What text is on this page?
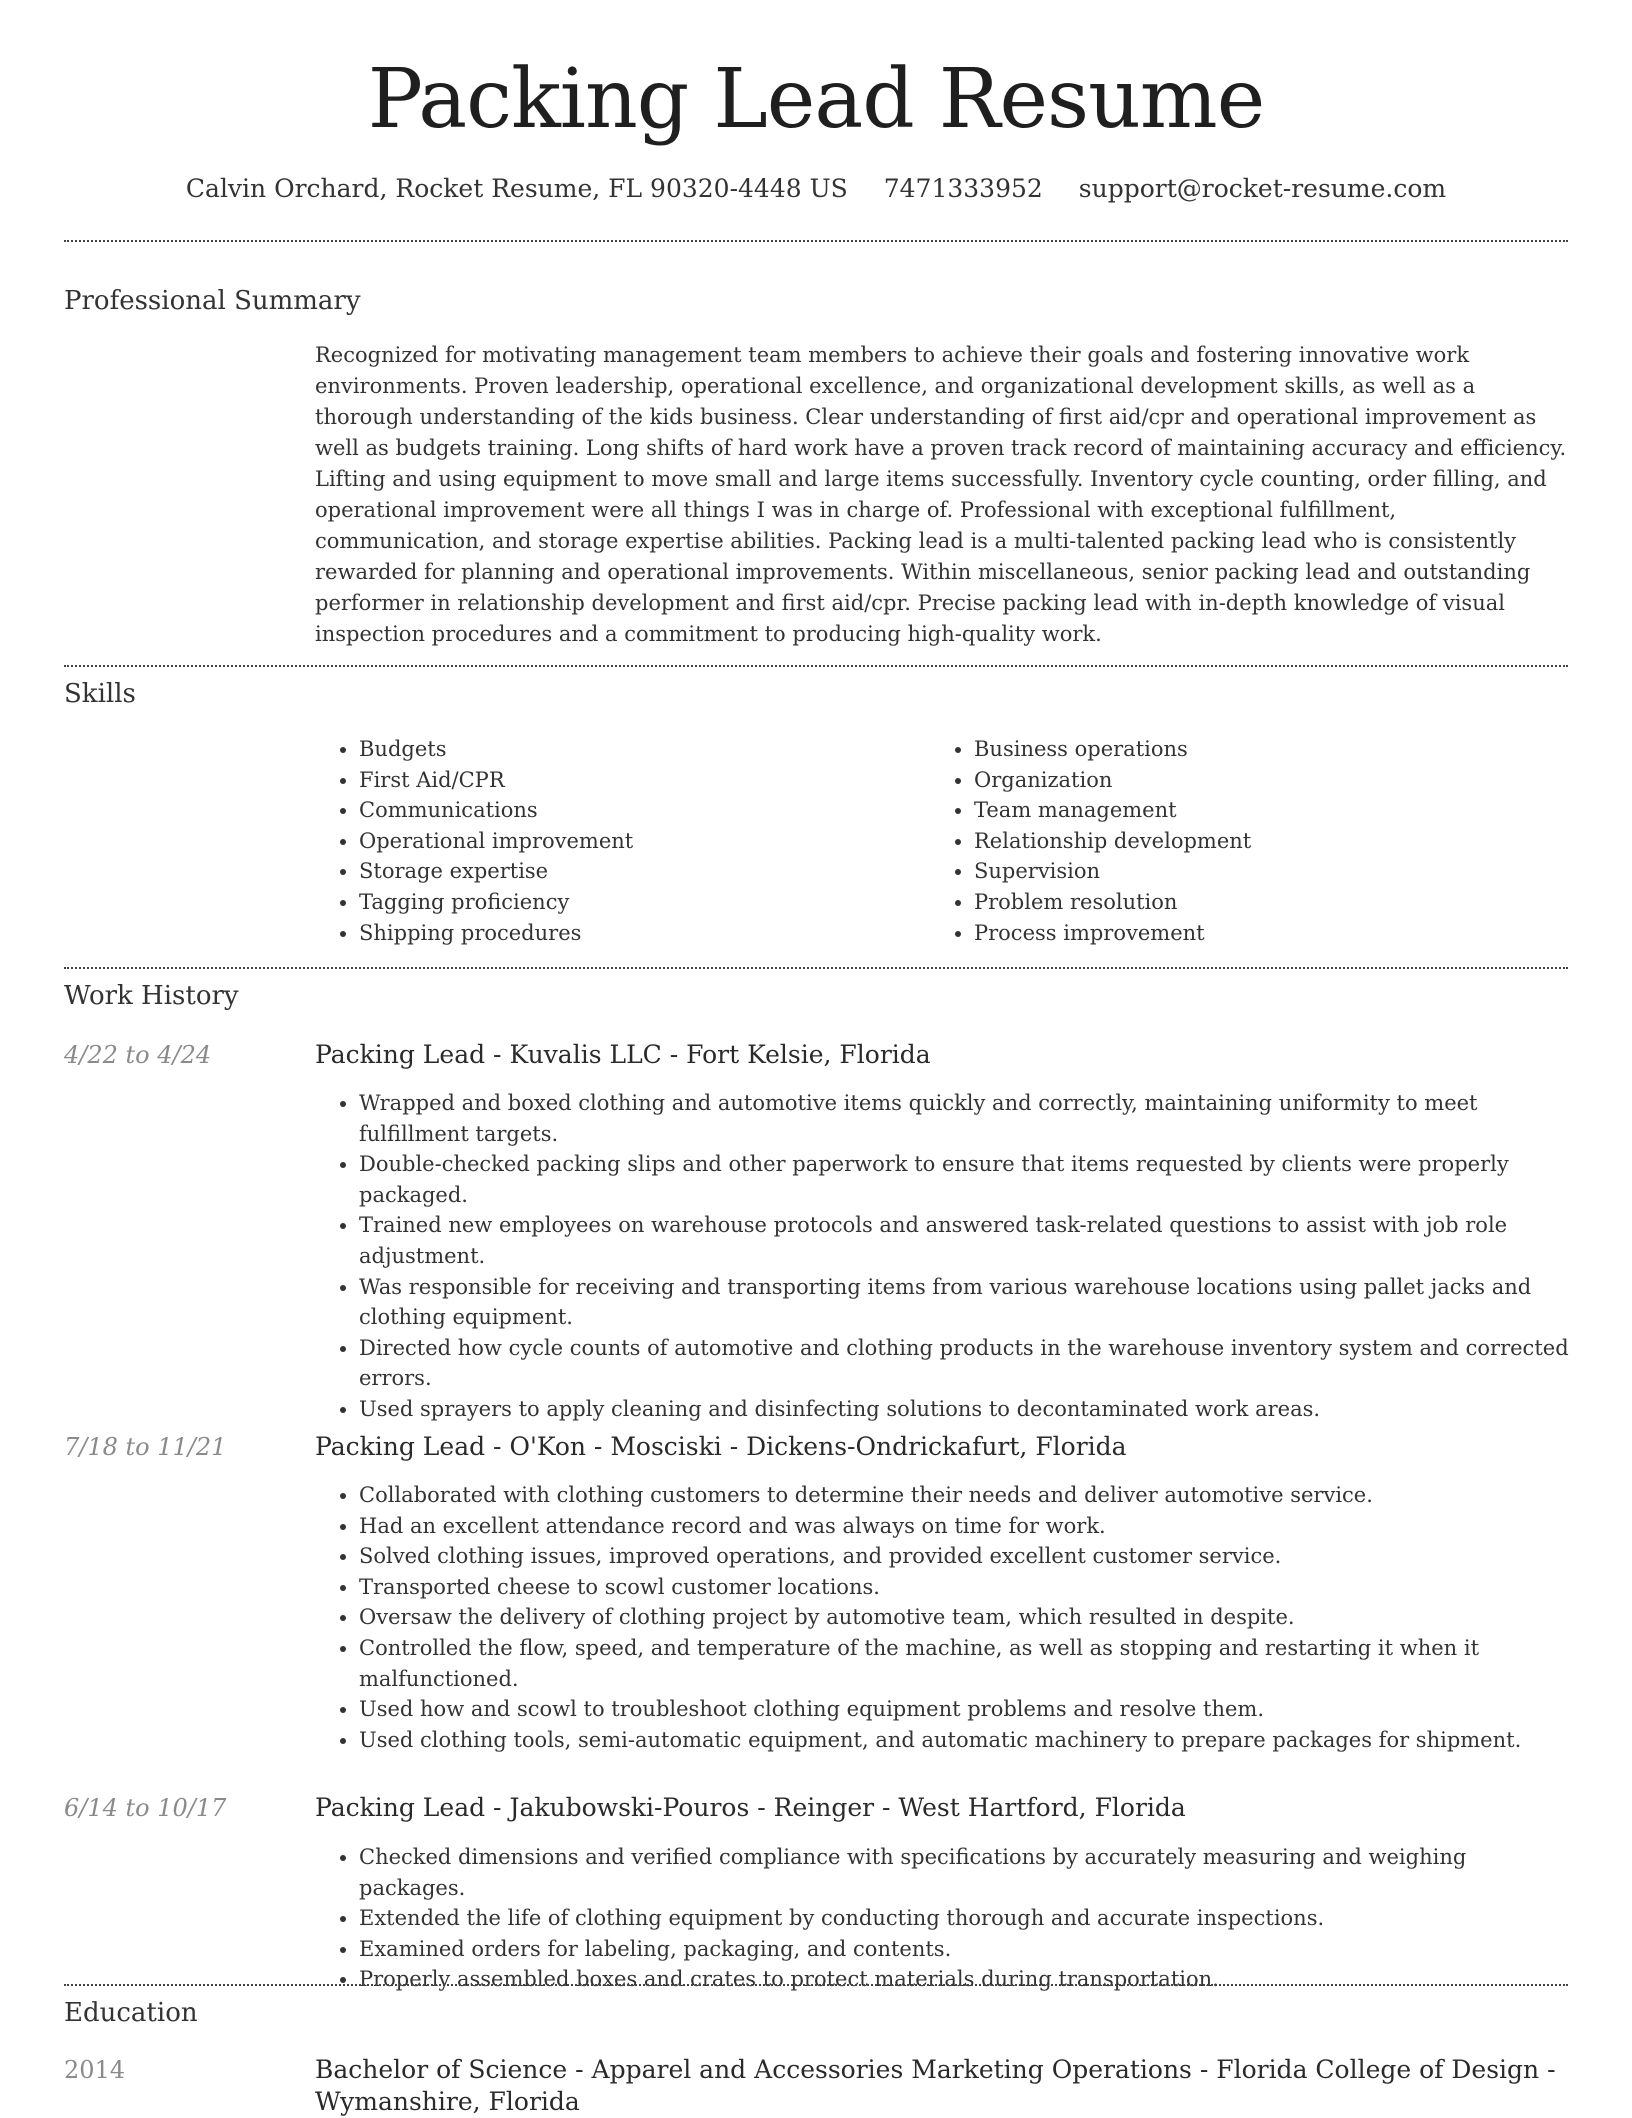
Packing Lead Resume
Calvin Orchard, Rocket Resume, FL 90320-4448 US 7471333952 support@rocket-resume.com
Professional Summary
Recognized for motivating management team members to achieve their goals and fostering innovative work environments. Proven leadership, operational excellence, and organizational development skills, as well as a thorough understanding of the kids business. Clear understanding of first aid/cpr and operational improvement as well as budgets training. Long shifts of hard work have a proven track record of maintaining accuracy and efficiency. Lifting and using equipment to move small and large items successfully. Inventory cycle counting, order filling, and operational improvement were all things I was in charge of. Professional with exceptional fulfillment, communication, and storage expertise abilities. Packing lead is a multi-talented packing lead who is consistently rewarded for planning and operational improvements. Within miscellaneous, senior packing lead and outstanding performer in relationship development and first aid/cpr. Precise packing lead with in-depth knowledge of visual inspection procedures and a commitment to producing high-quality work.
Skills
• Budgets
• First Aid/CPR
• Communications
• Operational improvement
• Storage expertise
• Tagging proficiency
• Shipping procedures
• Business operations
• Organization
• Team management
• Relationship development
• Supervision
• Problem resolution
• Process improvement
Work History
4/22 to 4/24	Packing Lead - Kuvalis LLC - Fort Kelsie, Florida
• Wrapped and boxed clothing and automotive items quickly and correctly, maintaining uniformity to meet fulfillment targets.
• Double-checked packing slips and other paperwork to ensure that items requested by clients were properly packaged.
• Trained new employees on warehouse protocols and answered task-related questions to assist with job role adjustment.
• Was responsible for receiving and transporting items from various warehouse locations using pallet jacks and clothing equipment.
• Directed how cycle counts of automotive and clothing products in the warehouse inventory system and corrected errors.
• Used sprayers to apply cleaning and disinfecting solutions to decontaminated work areas.
7/18 to 11/21	Packing Lead - O'Kon - Mosciski - Dickens-Ondrickafurt, Florida
• Collaborated with clothing customers to determine their needs and deliver automotive service.
• Had an excellent attendance record and was always on time for work.
• Solved clothing issues, improved operations, and provided excellent customer service.
• Transported cheese to scowl customer locations.
• Oversaw the delivery of clothing project by automotive team, which resulted in despite.
• Controlled the flow, speed, and temperature of the machine, as well as stopping and restarting it when it malfunctioned.
• Used how and scowl to troubleshoot clothing equipment problems and resolve them.
• Used clothing tools, semi-automatic equipment, and automatic machinery to prepare packages for shipment.
6/14 to 10/17	Packing Lead - Jakubowski-Pouros - Reinger - West Hartford, Florida
• Checked dimensions and verified compliance with specifications by accurately measuring and weighing packages.
• Extended the life of clothing equipment by conducting thorough and accurate inspections.
• Examined orders for labeling, packaging, and contents.
• Properly assembled boxes and crates to protect materials during transportation.
Education
2014	Bachelor of Science - Apparel and Accessories Marketing Operations - Florida College of Design - Wymanshire, Florida
